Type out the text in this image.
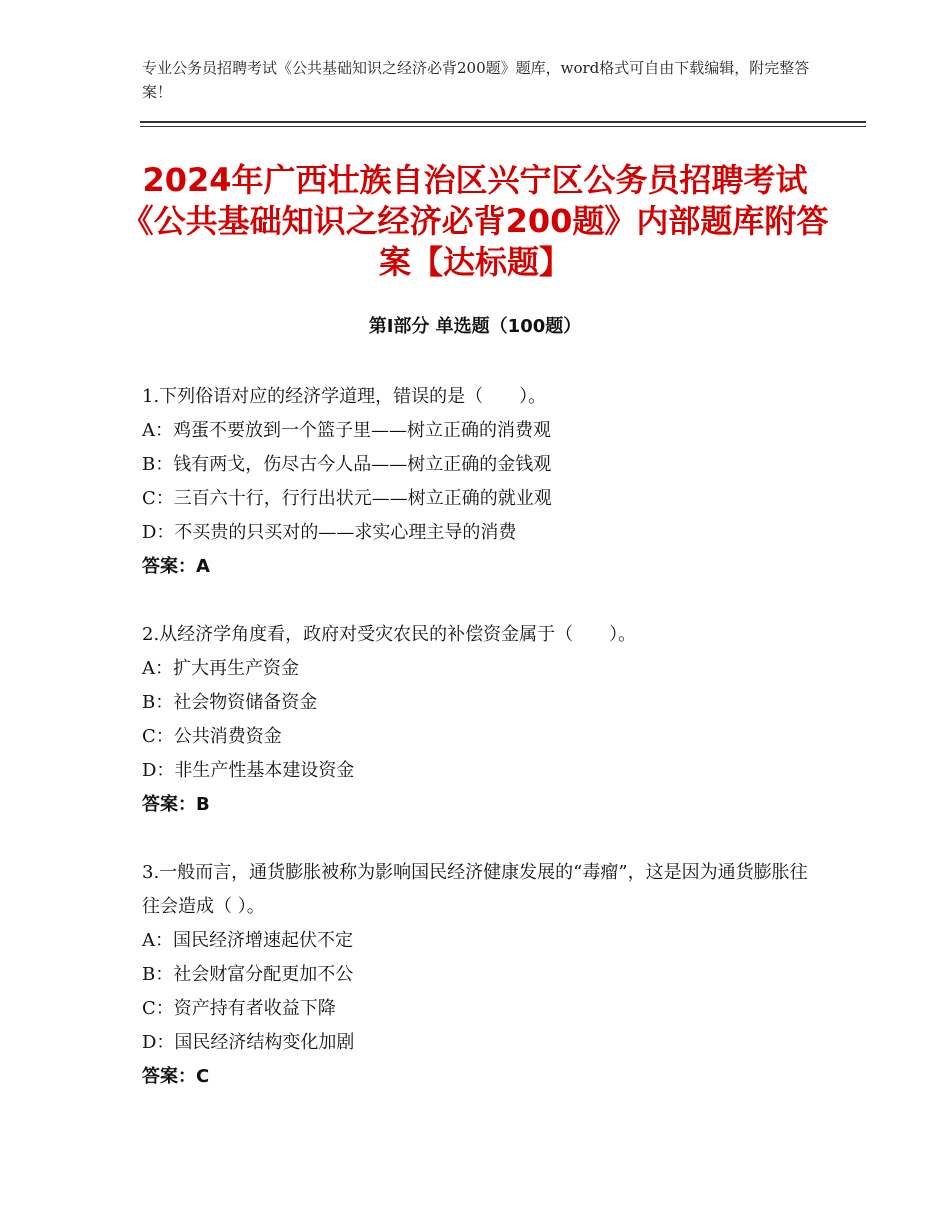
专业公务员招聘考试《公共基础知识之经济必背200题》题库，word格式可自由下载编辑，附完整答案！
2024年广西壮族自治区兴宁区公务员招聘考试《公共基础知识之经济必背200题》内部题库附答案【达标题】
第I部分 单选题（100题）
1.下列俗语对应的经济学道理，错误的是（　　）。
A：鸡蛋不要放到一个篮子里——树立正确的消费观
B：钱有两戈，伤尽古今人品——树立正确的金钱观
C：三百六十行，行行出状元——树立正确的就业观
D：不买贵的只买对的——求实心理主导的消费
答案：A
2.从经济学角度看，政府对受灾农民的补偿资金属于（　　）。
A：扩大再生产资金
B：社会物资储备资金
C：公共消费资金
D：非生产性基本建设资金
答案：B
3.一般而言，通货膨胀被称为影响国民经济健康发展的“毒瘤”，这是因为通货膨胀往往会造成（ ）。
A：国民经济增速起伏不定
B：社会财富分配更加不公
C：资产持有者收益下降
D：国民经济结构变化加剧
答案：C
